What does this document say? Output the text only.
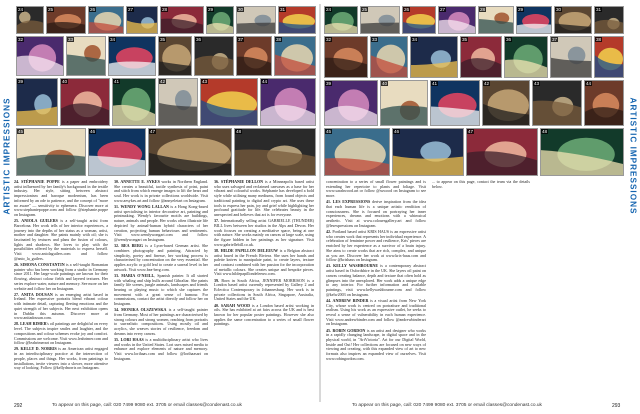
ARTISTIC IMPRESSIONS	ARTISTIC IMPRESSIONS
24	25	26	27	28	29	30	31
32	33	34	35	36	37	38
39	40	41	42	43	44
45	46	47	48
24	25	26	27	28	29	30	31
32	33	34	35	36	37	38
39	40	41	42	43	44
45	46	47	48

24. STÉPHANIE POPPE is a paper and embroidery artist influenced by her family's background in the textile industry. Her style, sitting between abstract impressionism and baroque modernism, has been informed by an ode to patience, and the concept of "more no aware" — sensitivity to ephemera. Discover more at www.stephaniepoppe.com and follow @stephanie.poppe on Instagram.

25. ANIOLA GUILERS is a self-taught artist from Barcelona. Her work tells of her interior experiences, a journey into the depths of her status as a woman, artist, mother and daughter. She paints mainly with oil; she is fascinated by textures and plans the fusion of colours, lights and shadows. She loves to play with the possibilities offered by the materials to express herself. Visit www.aniolaguilers.com and follow @anio_la_guilers.

26. SIMONA CONSTANTIN is a self-taught Romanian painter who has been working from a studio in Germany since 2011. Her large-scale paintings are known for their flowing, abstract colour fields and layered textures. Her series explore water, nature and memory. See more on her website and follow her on Instagram.

27. ANITA DOUSAN is an emerging artist based in Ireland. Her expressive portraits blend vibrant colour with intimate detail, capturing fleeting emotions and the quiet strength of her subjects. Her next exhibition opens in Dublin this autumn. Discover more at www.anitadousan.com.

28. LEAH RIMER's oil paintings are delightful on every level. The subjects inspire smiles and laughter, and the compositions and colour schemes evoke joy and comfort. Commissions are welcome. Visit www.leahrimer.com and follow @leahrimerart on Instagram.

29. KELLY D. NORRIS is an American artist engaged in an interdisciplinary practice at the intersection of people, places and things. Her works, from paintings to installations, invite viewers into a slower, more attentive way of looking. Follow @kellydnorris on Instagram.

30. ANNETTE E. SYKES works in Northern England. She creates a beautiful, tactile synthesis of print, paint and stitch from which emerge images to lift the heart and soul. Her work is in private collections worldwide. Visit www.aesykes.art and follow @annyeletart on Instagram.

31. WENDY WONG LALLAN is a Hong Kong-based artist specialising in interior decorative art, painting and printmaking. Wendy's favourite motifs are buildings, nature, animals and people. Her works often illustrate life depicted by animal-human hybrid characters of her creation, projecting human behaviours and sentiments. Visit www.wendywongart.com and follow @wendywongart on Instagram.

32. BEA BERG is a Lyon-based German artist. She combines photography and painting. Attracted by simplicity, poetry and finesse, her working process is characterised by concentration on the very essential. She applies acrylic or gold leaf to create a surreal level in her artwork. Visit www.bea-berg.com.

33. MARIA O'NEILL, Spanish painter. It all started with whaling and ship hulls around Gibraltar. She paints family life scenes, jungle animals, landscapes and friends hearing or playing music to which she captures the movement with a great sense of humour. For commissions, contact the artist directly and follow her on Instagram.

34. MONIKA OLSZEWSKA is a self-taught painter from Germany. Most of her paintings are characterised by strong colours and strong women, reaching from portraits to surrealistic compositions. Using mostly oil and acrylics, she weaves stories of resilience, freedom and dreams into every canvas.

35. LORI HAAS is a multidisciplinary artist who lives and works in the United States. Lori uses mixed media to enhance and explore elements of nature and memory. Visit www.lorihaas.com and follow @lorihaasart on Instagram.

36. STÉPHANIE DELLON is a Minneapolis based artist who uses salvaged and reclaimed canvases as a base for her vibrant and colourful works. Stéphanie has developed a bold style while utilising many mediums, from found objects and traditional painting to digital and crypto art. She uses these tools to express her pain, joy and grief while highlighting her profound gratitude for life. She celebrates beauty in the unexpected and believes that art is for everyone.

37. Internationally selling artist GABRIELLE (THUNDER) BILL lives between her studios in the Alps and Devon. Her work focuses on creating a meditative space, being at one with nature. She works mainly on canvas at large scale, using the figure hidden in her paintings as her signature. Visit www.gabriellebill.co.uk.

38. HILDE PAPILLON DELEEUW is a Belgian abstract artist based in the French Riviera. She uses her hands and palette knives to manipulate paint, to create layers, texture and contrast combined with her passion for the incorporation of metallic colours. She creates unique and bespoke pieces. Visit www.hildepapillondeleeuw.com.

39. Born in South Africa, JENNIFER MORRISON is a London based artist currently represented by Gallery 2 and Eclectica Contemporary in Johannesburg. Her work is in private collections in South Africa, Singapore, Australia, United States and the UK.

40. SARAH WOOD is a London based artist working in oils. She has exhibited at art fairs across the UK and is best known for her popular poster paintings. However she also applies the same concentration to a series of small flower paintings.

concentration to a series of small flower paintings and is extending her repertoire to plants and foliage. Visit www.sarahwood.art or follow @sswood on Instagram to see more.

41. LES EXPRESSIONS derive inspiration from the idea that each human life is a unique artistic rendition of consciousness. She is focused on portraying her inner experiences, dreams and emotions with a whimsical aesthetic. Visit at www.colouesgallery.art and follow @lesexpressions on Instagram.

42. Portland based artist KRIS HAUS is an expressive artist who creates work that represents her individual experience. A celebration of feminine power and resilience, Kris' pieces are enriched by her experience as a survivor of a brain injury. She aims to create works that are rich, complex, and unique as you are. Discover her work at www.kris-haus.com and follow @krishaus on Instagram.

43. KELLY WASHBOURNE is a contemporary abstract artist based in Oxfordshire in the UK. She layers oil paint on canvas creating balance, depth and texture that often hold as glimpses into the unexplored. Her work adds a unique edge to any interior. For further information and available paintings, visit www.kellywashbourne.com and follow @kelw2003 on Instagram.

44. ANDREW BINDER is a visual artist from New York City, whose work is centred on portraiture and traditional realism. Using his work as an expressive outlet, he seeks to reveal a sense of vulnerability in each human experience. Visit www.andrewbinder.com and follow @andrewbinderart on Instagram.

45. ROBIN GORDON is an artist and designer who works in a rapidly changing landscape, in digital space and in the physical world, in "ArtVictoria". Art for our Digital World, Inside and Out! Her collections are focused on new ways of viewing and creating, with this expanded view of art to new formats also inspires an expanded view of ourselves. Visit www.robingordon.com.

... to appear on this page, contact the team via the details below.

To appear on this page, call: 020 7499 9080 ext. 3705 or email classes@condenast.co.uk	To appear on this page, call: 020 7499 9080 ext. 3705 or email classes@condenast.co.uk
292	293
